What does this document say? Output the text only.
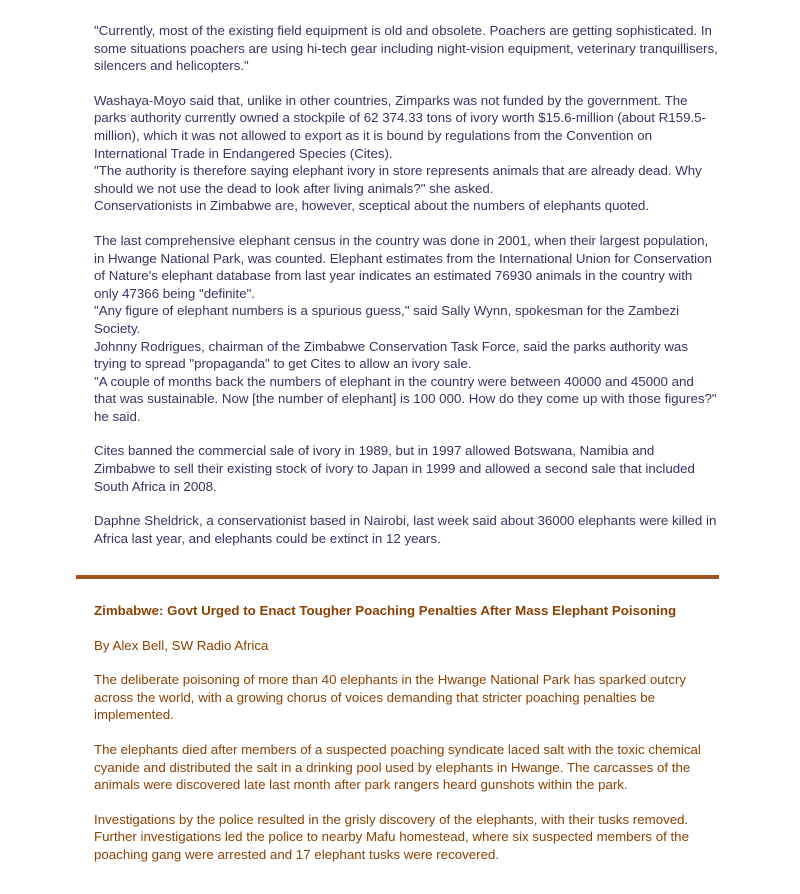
"Currently, most of the existing field equipment is old and obsolete. Poachers are getting sophisticated. In some situations poachers are using hi-tech gear including night-vision equipment, veterinary tranquillisers, silencers and helicopters."

Washaya-Moyo said that, unlike in other countries, Zimparks was not funded by the government. The parks authority currently owned a stockpile of 62 374.33 tons of ivory worth $15.6-million (about R159.5-million), which it was not allowed to export as it is bound by regulations from the Convention on International Trade in Endangered Species (Cites).
"The authority is therefore saying elephant ivory in store represents animals that are already dead. Why should we not use the dead to look after living animals?" she asked.
Conservationists in Zimbabwe are, however, sceptical about the numbers of elephants quoted.

The last comprehensive elephant census in the country was done in 2001, when their largest population, in Hwange National Park, was counted. Elephant estimates from the International Union for Conservation of Nature's elephant database from last year indicates an estimated 76930 animals in the country with only 47366 being "definite".
"Any figure of elephant numbers is a spurious guess," said Sally Wynn, spokesman for the Zambezi Society.
Johnny Rodrigues, chairman of the Zimbabwe Conservation Task Force, said the parks authority was trying to spread "propaganda" to get Cites to allow an ivory sale.
"A couple of months back the numbers of elephant in the country were between 40000 and 45000 and that was sustainable. Now [the number of elephant] is 100 000. How do they come up with those figures?" he said.

Cites banned the commercial sale of ivory in 1989, but in 1997 allowed Botswana, Namibia and Zimbabwe to sell their existing stock of ivory to Japan in 1999 and allowed a second sale that included South Africa in 2008.

Daphne Sheldrick, a conservationist based in Nairobi, last week said about 36000 elephants were killed in Africa last year, and elephants could be extinct in 12 years.

Zimbabwe: Govt Urged to Enact Tougher Poaching Penalties After Mass Elephant Poisoning

By Alex Bell, SW Radio Africa

The deliberate poisoning of more than 40 elephants in the Hwange National Park has sparked outcry across the world, with a growing chorus of voices demanding that stricter poaching penalties be implemented.

The elephants died after members of a suspected poaching syndicate laced salt with the toxic chemical cyanide and distributed the salt in a drinking pool used by elephants in Hwange. The carcasses of the animals were discovered late last month after park rangers heard gunshots within the park.

Investigations by the police resulted in the grisly discovery of the elephants, with their tusks removed. Further investigations led the police to nearby Mafu homestead, where six suspected members of the poaching gang were arrested and 17 elephant tusks were recovered.
